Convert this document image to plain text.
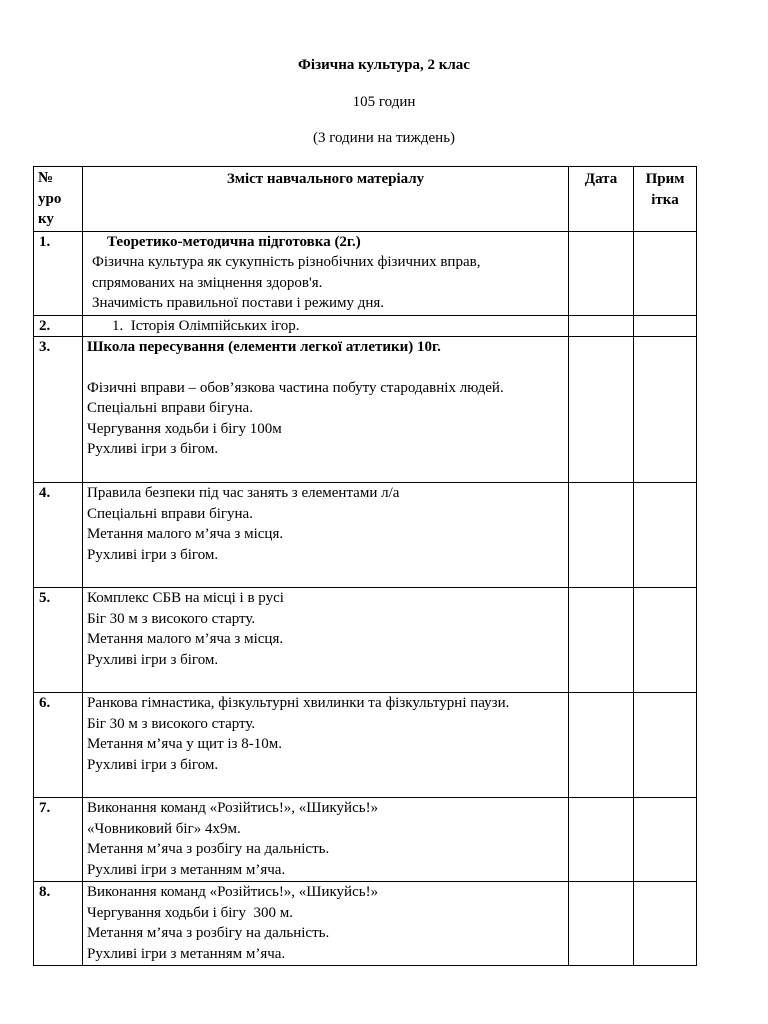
Фізична культура, 2 клас
105 годин
(3 години на тиждень)
№
уро
ку	Зміст навчального матеріалу	Дата	Прим
ітка

1.	Теоретико-методична підготовка (2г.)
Фізична культура як сукупність різнобічних фізичних вправ, спрямованих на зміцнення здоров'я.
Значимість правильної постави і режиму дня.		

2.	1. Історія Олімпійських ігор.		

3.	Школа пересування (елементи легкої атлетики) 10г.
Фізичні вправи – обов’язкова частина побуту стародавніх людей.
Спеціальні вправи бігуна.
Чергування ходьби і бігу 100м
Рухливі ігри з бігом.		

4.	Правила безпеки під час занять з елементами л/а
Спеціальні вправи бігуна.
Метання малого м’яча з місця.
Рухливі ігри з бігом.		

5.	Комплекс СБВ на місці і в русі
Біг 30 м з високого старту.
Метання малого м’яча з місця.
Рухливі ігри з бігом.		

6.	Ранкова гімнастика, фізкультурні хвилинки та фізкультурні паузи.
Біг 30 м з високого старту.
Метання м’яча у щит із 8-10м.
Рухливі ігри з бігом.		

7.	Виконання команд «Розійтись!», «Шикуйсь!»
«Човниковий біг» 4х9м.
Метання м’яча з розбігу на дальність.
Рухливі ігри з метанням м’яча.		

8.	Виконання команд «Розійтись!», «Шикуйсь!»
Чергування ходьби і бігу  300 м.
Метання м’яча з розбігу на дальність.
Рухливі ігри з метанням м’яча.		
